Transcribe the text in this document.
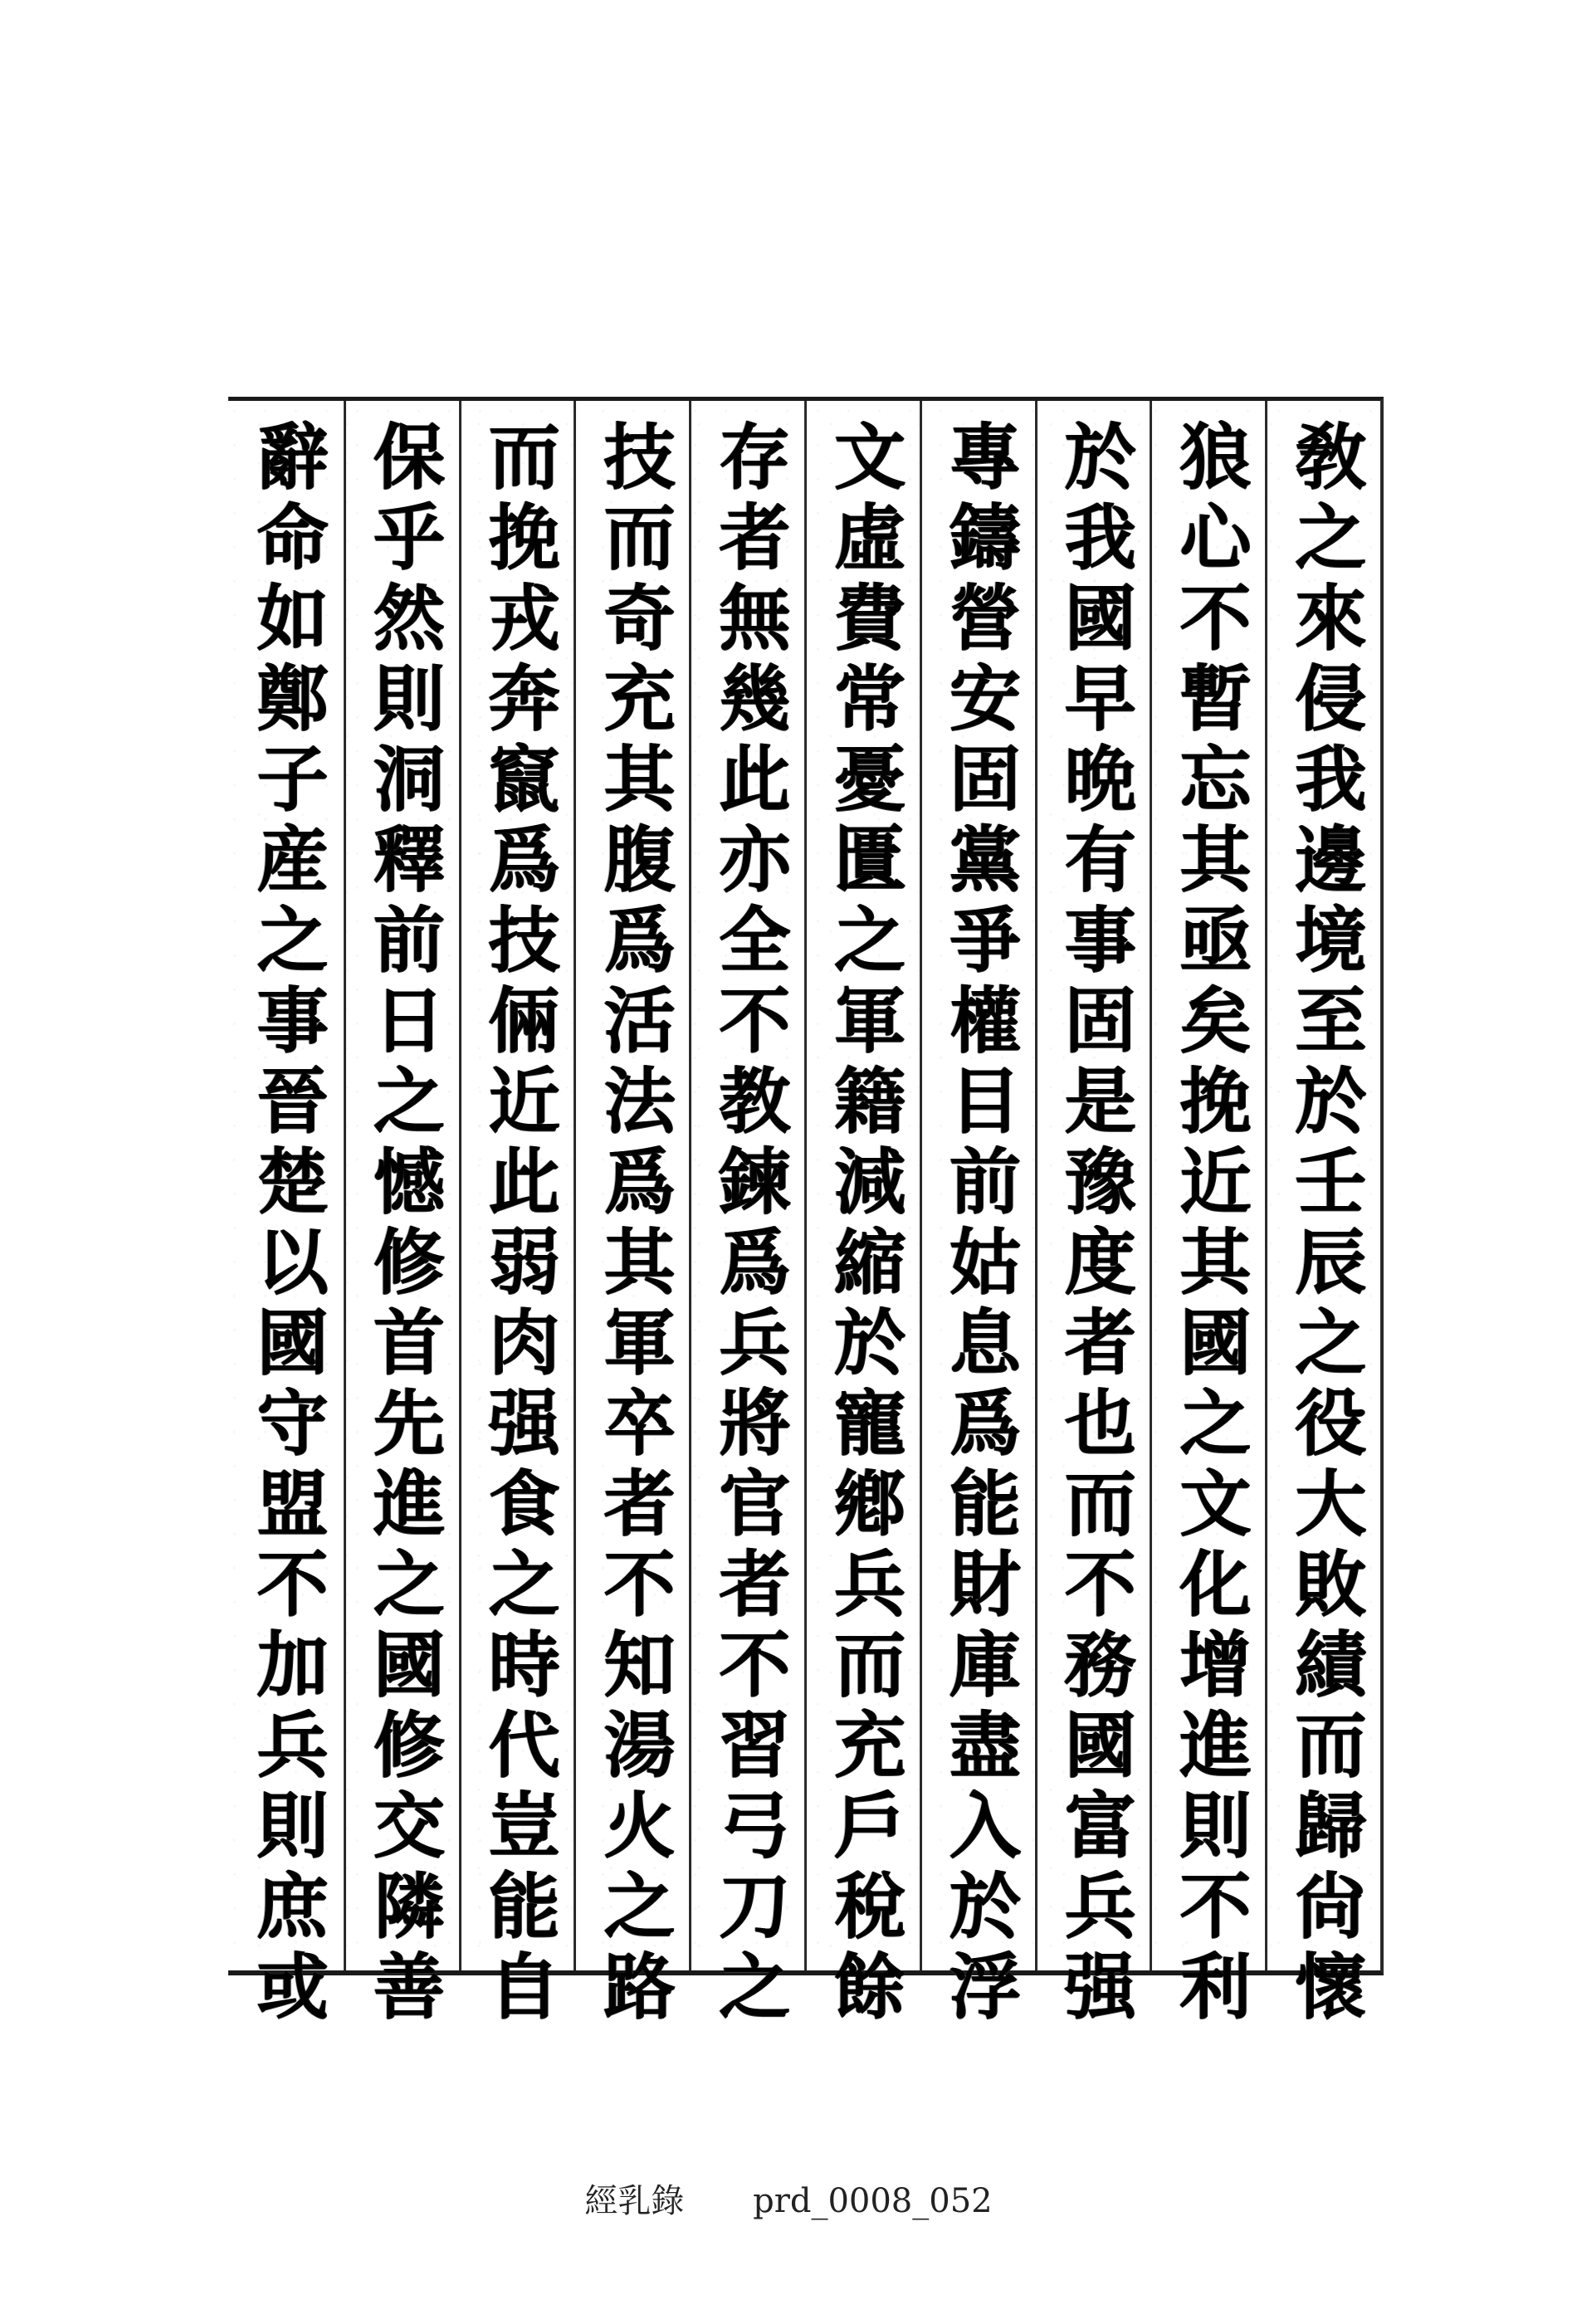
敎之來侵我邊境至於壬辰之役大敗績而歸尙懷
狼心不暫忘其亟矣挽近其國之文化增進則不利
於我國早晩有事固是豫度者也而不務國富兵强
專鑄營安固黨爭權目前姑息爲能財庫盡入於浮
文虛費常憂匱之軍籍減縮於寵鄕兵而充戶稅餘
存者無幾此亦全不教鍊爲兵將官者不習弓刀之
技而奇充其腹爲活法爲其軍卒者不知湯火之路
而挽戎奔竄爲技倆近此弱肉强食之時代豈能自
保乎然則洞釋前日之憾修首先進之國修交隣善
辭命如鄭子産之事晉楚以國守盟不加兵則庶或
經乳錄 prd_0008_052
